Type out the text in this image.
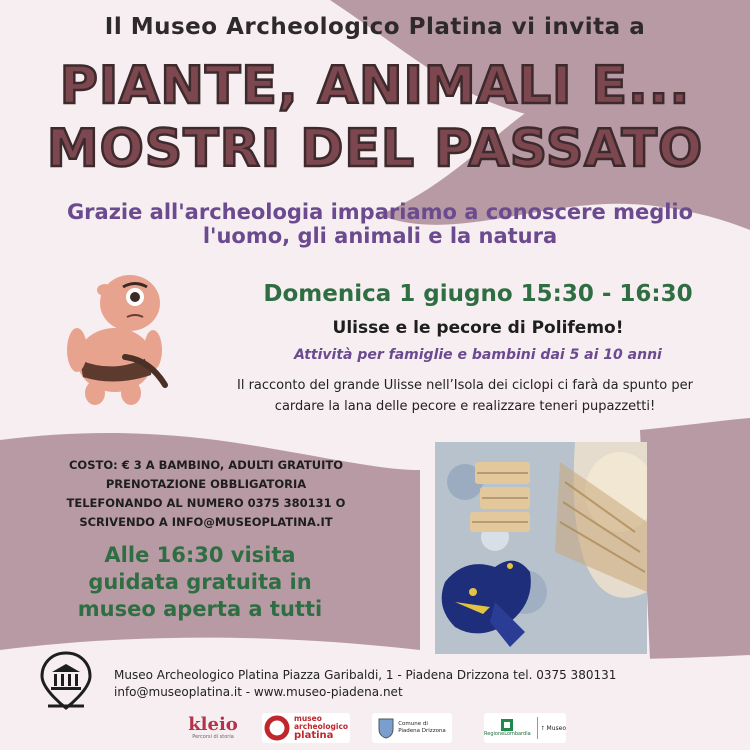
Il Museo Archeologico Platina vi invita a
PIANTE, ANIMALI E...
MOSTRI DEL PASSATO
Grazie all'archeologia impariamo a conoscere meglio
l'uomo, gli animali e la natura
Domenica 1 giugno 15:30 - 16:30
Ulisse e le pecore di Polifemo!
Attività per famiglie e bambini dai 5 ai 10 anni
Il racconto del grande Ulisse nell’Isola dei ciclopi ci farà da spunto per
cardare la lana delle pecore e realizzare teneri pupazzetti!
COSTO: € 3 A BAMBINO, ADULTI GRATUITO
PRENOTAZIONE OBBLIGATORIA
TELEFONANDO AL NUMERO 0375 380131 O
SCRIVENDO A INFO@MUSEOPLATINA.IT
Alle 16:30 visita
guidata gratuita in
museo aperta a tutti
Museo Archeologico Platina Piazza Garibaldi, 1 - Piadena Drizzona tel. 0375 380131
info@museoplatina.it - www.museo-piadena.net
kleio
Percorsi di storia
museo
archeologico
platina
Comune di
Piadena Drizzona	RegioneLombardia
Museo
